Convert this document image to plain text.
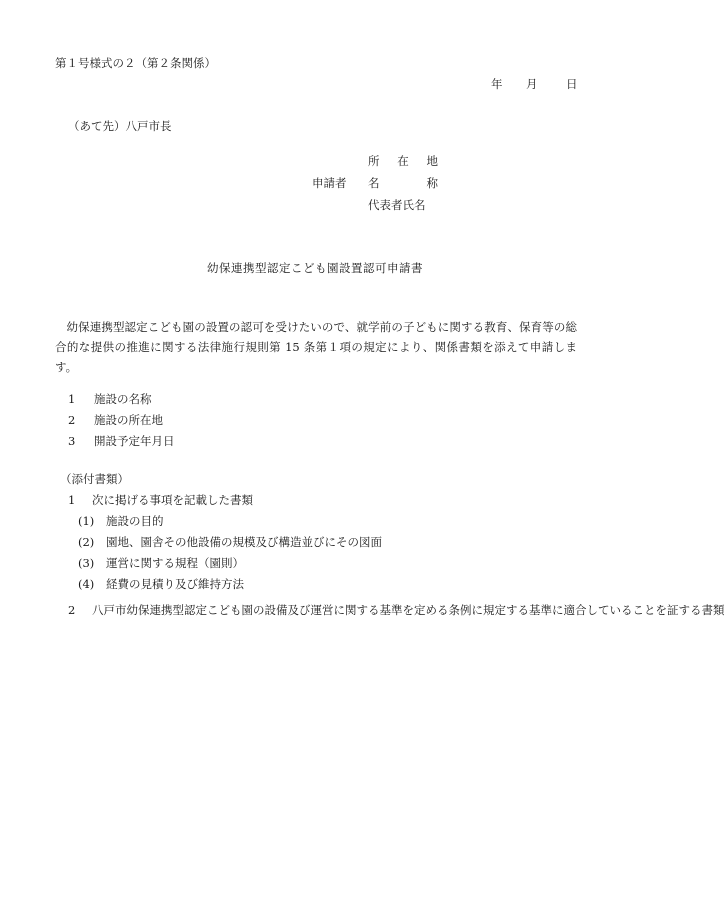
第１号様式の２（第２条関係）
年 月 日
（あて先）八戸市長
申請者
所 在 地
名	称
代表者氏名
幼保連携型認定こども園設置認可申請書
幼保連携型認定こども園の設置の認可を受けたいので、就学前の子どもに関する教育、保育等の総合的な提供の推進に関する法律施行規則第 15 条第１項の規定により、関係書類を添えて申請します。
1	施設の名称
2	施設の所在地
3	開設予定年月日
（添付書類）
1	次に掲げる事項を記載した書類
(1)	施設の目的
(2)	園地、園舎その他設備の規模及び構造並びにその図面
(3)	運営に関する規程（園則）
(4)	経費の見積り及び維持方法
2	八戸市幼保連携型認定こども園の設備及び運営に関する基準を定める条例に規定する基準に適合していることを証する書類
